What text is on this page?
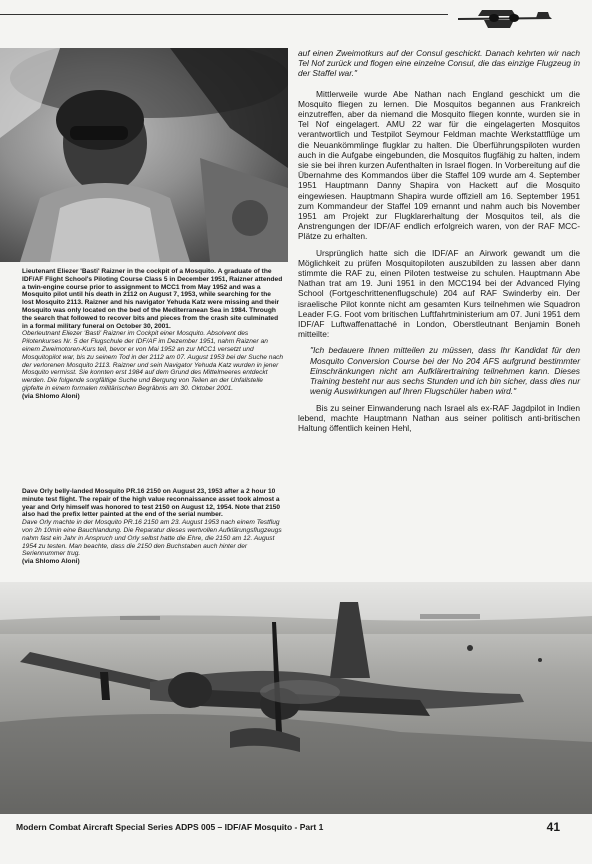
Lieutenant Eliezer 'Basti' Raizner in the cockpit of a Mosquito. A graduate of the IDF/AF Flight School's Piloting Course Class 5 in December 1951, Raizner attended a twin-engine course prior to assignment to MCC1 from May 1952 and was a Mosquito pilot until his death in 2112 on August 7, 1953, while searching for the lost Mosquito 2113. Raizner and his navigator Yehuda Katz were missing and their Mosquito was only located on the bed of the Mediterranean Sea in 1984. Through the search that followed to recover bits and pieces from the crash site culminated in a formal military funeral on October 30, 2001.

Oberleutnant Eliezer 'Basti' Raizner im Cockpit einer Mosquito. Absolvent des Pilotenkurses Nr. 5 der Flugschule der IDF/AF im Dezember 1951, nahm Raizner an einem Zweimotoren-Kurs teil, bevor er von Mai 1952 an zur MCC1 versetzt und Mosquitopilot war, bis zu seinem Tod in der 2112 am 07. August 1953 bei der Suche nach der verlorenen Mosquito 2113. Raizner und sein Navigator Yehuda Katz wurden in jener Mosquito vermisst. Sie konnten erst 1984 auf dem Grund des Mittelmeeres entdeckt werden. Die folgende sorgfältige Suche und Bergung von Teilen an der Unfallstelle gipfelte in einem formalen militärischen Begräbnis am 30. Oktober 2001.

(via Shlomo Aloni)

Dave Orly belly-landed Mosquito PR.16 2150 on August 23, 1953 after a 2 hour 10 minute test flight. The repair of the high value reconnaissance asset took almost a year and Orly himself was honored to test 2150 on August 12, 1954. Note that 2150 also had the prefix letter painted at the end of the serial number.

Dave Orly machte in der Mosquito PR.16 2150 am 23. August 1953 nach einem Testflug von 2h 10min eine Bauchlandung. Die Reparatur dieses wertvollen Aufklärungsflugzeugs nahm fast ein Jahr in Anspruch und Orly selbst hatte die Ehre, die 2150 am 12. August 1954 zu testen. Man beachte, dass die 2150 den Buchstaben auch hinter der Seriennummer trug.

(via Shlomo Aloni)

auf einen Zweimotkurs auf der Consul geschickt. Danach kehrten wir nach Tel Nof zurück und flogen eine einzelne Consul, die das einzige Flugzeug in der Staffel war."

Mittlerweile wurde Abe Nathan nach England geschickt um die Mosquito fliegen zu lernen. Die Mosquitos begannen aus Frankreich einzutreffen, aber da niemand die Mosquito fliegen konnte, wurden sie in Tel Nof eingelagert. AMU 22 war für die eingelagerten Mosquitos verantwortlich und Testpilot Seymour Feldman machte Werkstattflüge um die Neuankömmlinge flugklar zu halten. Die Überführungspiloten wurden auch in die Aufgabe eingebunden, die Mosquitos flugfähig zu halten, indem sie sie bei ihren kurzen Aufenthalten in Israel flogen. In Vorbereitung auf die Übernahme des Kommandos über die Staffel 109 wurde am 4. September 1951 Hauptmann Danny Shapira von Hackett auf die Mosquito eingewiesen. Hauptmann Shapira wurde offiziell am 16. September 1951 zum Kommandeur der Staffel 109 ernannt und nahm auch bis November 1951 am Projekt zur Flugklarerhaltung der Mosquitos teil, als die Anstrengungen der IDF/AF endlich erfolgreich waren, von der RAF MCC-Plätze zu erhalten.

Ursprünglich hatte sich die IDF/AF an Airwork gewandt um die Möglichkeit zu prüfen Mosquitopiloten auszubilden zu lassen aber dann stimmte die RAF zu, einen Piloten testweise zu schulen. Hauptmann Abe Nathan trat am 19. Juni 1951 in den MCC194 bei der Advanced Flying School (Fortgeschrittenenflugschule) 204 auf RAF Swinderby ein. Der israelische Pilot konnte nicht am gesamten Kurs teilnehmen wie Squadron Leader F.G. Foot vom britischen Luftfahrtministerium am 07. Juni 1951 dem IDF/AF Luftwaffenattaché in London, Oberstleutnant Benjamin Boneh mitteilte:

"Ich bedauere Ihnen mitteilen zu müssen, dass Ihr Kandidat für den Mosquito Conversion Course bei der No 204 AFS aufgrund bestimmter Einschränkungen nicht am Aufklärertraining teilnehmen kann. Dieses Training besteht nur aus sechs Stunden und ich bin sicher, dass dies nur wenig Auswirkungen auf Ihren Flugschüler haben wird."

Bis zu seiner Einwanderung nach Israel als ex-RAF Jagdpilot in Indien lebend, machte Hauptmann Nathan aus seiner politisch anti-britischen Haltung öffentlich keinen Hehl,

Modern Combat Aircraft Special Series ADPS 005 – IDF/AF Mosquito - Part 1	41
